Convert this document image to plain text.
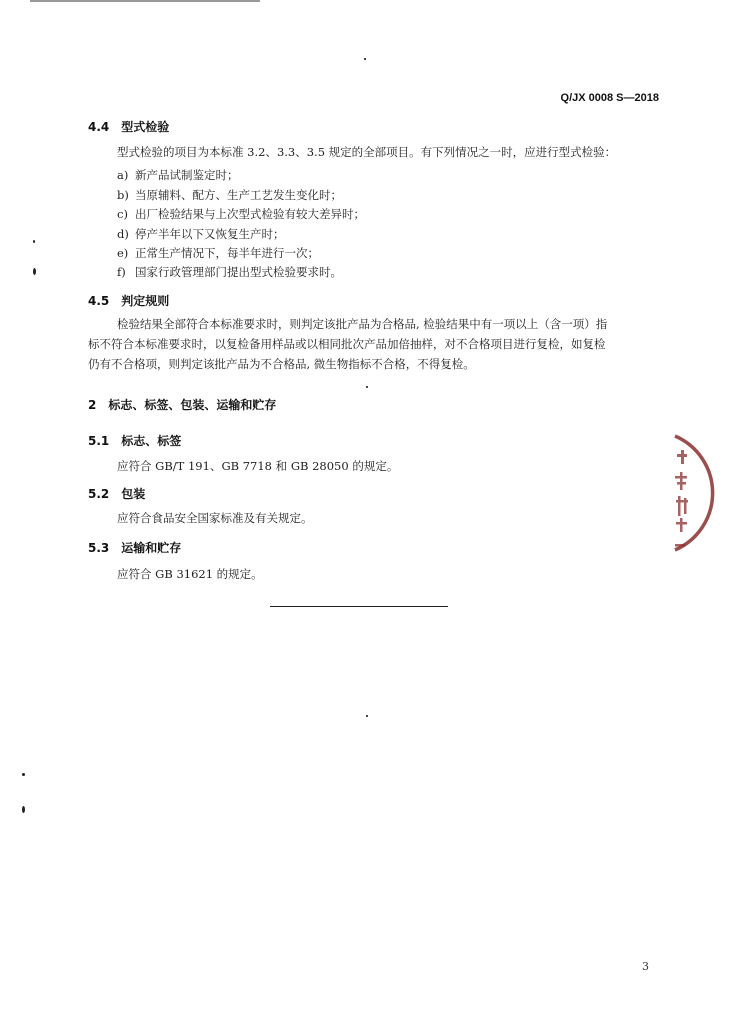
Q/JX 0008 S—2018
4.4 型式检验
型式检验的项目为本标准 3.2、3.3、3.5 规定的全部项目。有下列情况之一时，应进行型式检验：
a) 新产品试制鉴定时；
b) 当原辅料、配方、生产工艺发生变化时；
c) 出厂检验结果与上次型式检验有较大差异时；
d) 停产半年以下又恢复生产时；
e) 正常生产情况下，每半年进行一次；
f) 国家行政管理部门提出型式检验要求时。
4.5 判定规则
检验结果全部符合本标准要求时，则判定该批产品为合格品, 检验结果中有一项以上（含一项）指
标不符合本标准要求时，以复检备用样品或以相同批次产品加倍抽样，对不合格项目进行复检，如复检
仍有不合格项，则判定该批产品为不合格品, 微生物指标不合格，不得复检。
2 标志、标签、包装、运输和贮存
5.1 标志、标签
应符合 GB/T 191、GB 7718 和 GB 28050 的规定。
5.2 包装
应符合食品安全国家标准及有关规定。
5.3 运输和贮存
应符合 GB 31621 的规定。
3
